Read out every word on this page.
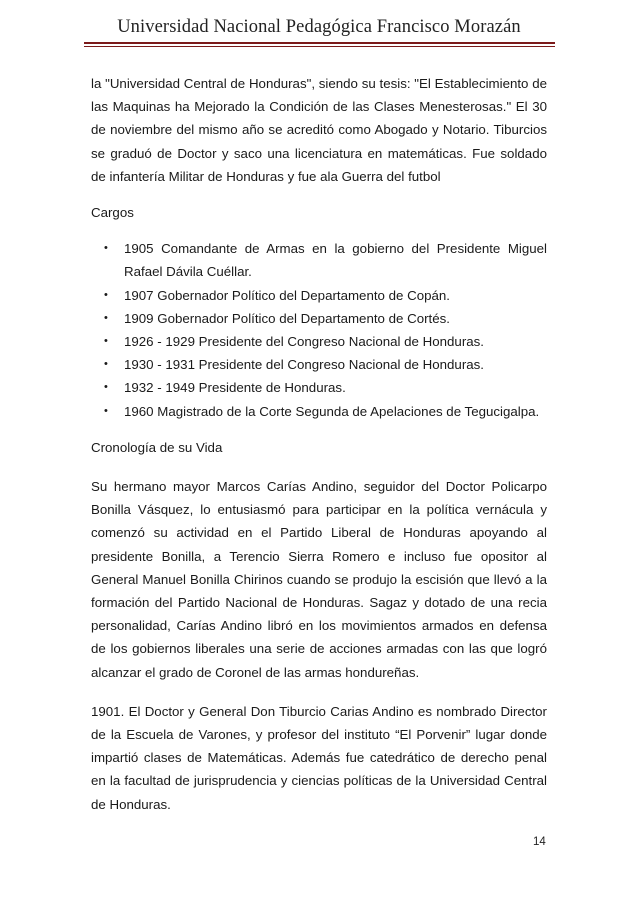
Universidad Nacional Pedagógica Francisco Morazán

la "Universidad Central de Honduras", siendo su tesis: "El Establecimiento de las Maquinas ha Mejorado la Condición de las Clases Menesterosas." El 30 de noviembre del mismo año se acreditó como Abogado y Notario. Tiburcios se graduó de Doctor y saco una licenciatura en matemáticas. Fue soldado de infantería Militar de Honduras y fue ala Guerra del futbol

Cargos

• 1905 Comandante de Armas en la gobierno del Presidente Miguel Rafael Dávila Cuéllar.
• 1907 Gobernador Político del Departamento de Copán.
• 1909 Gobernador Político del Departamento de Cortés.
• 1926 - 1929 Presidente del Congreso Nacional de Honduras.
• 1930 - 1931 Presidente del Congreso Nacional de Honduras.
• 1932 - 1949 Presidente de Honduras.
• 1960 Magistrado de la Corte Segunda de Apelaciones de Tegucigalpa.

Cronología de su Vida

Su hermano mayor Marcos Carías Andino, seguidor del Doctor Policarpo Bonilla Vásquez, lo entusiasmó para participar en la política vernácula y comenzó su actividad en el Partido Liberal de Honduras apoyando al presidente Bonilla, a Terencio Sierra Romero e incluso fue opositor al General Manuel Bonilla Chirinos cuando se produjo la escisión que llevó a la formación del Partido Nacional de Honduras. Sagaz y dotado de una recia personalidad, Carías Andino libró en los movimientos armados en defensa de los gobiernos liberales una serie de acciones armadas con las que logró alcanzar el grado de Coronel de las armas hondureñas.

1901. El Doctor y General Don Tiburcio Carias Andino es nombrado Director de la Escuela de Varones, y profesor del instituto “El Porvenir” lugar donde impartió clases de Matemáticas. Además fue catedrático de derecho penal en la facultad de jurisprudencia y ciencias políticas de la Universidad Central de Honduras.

14
